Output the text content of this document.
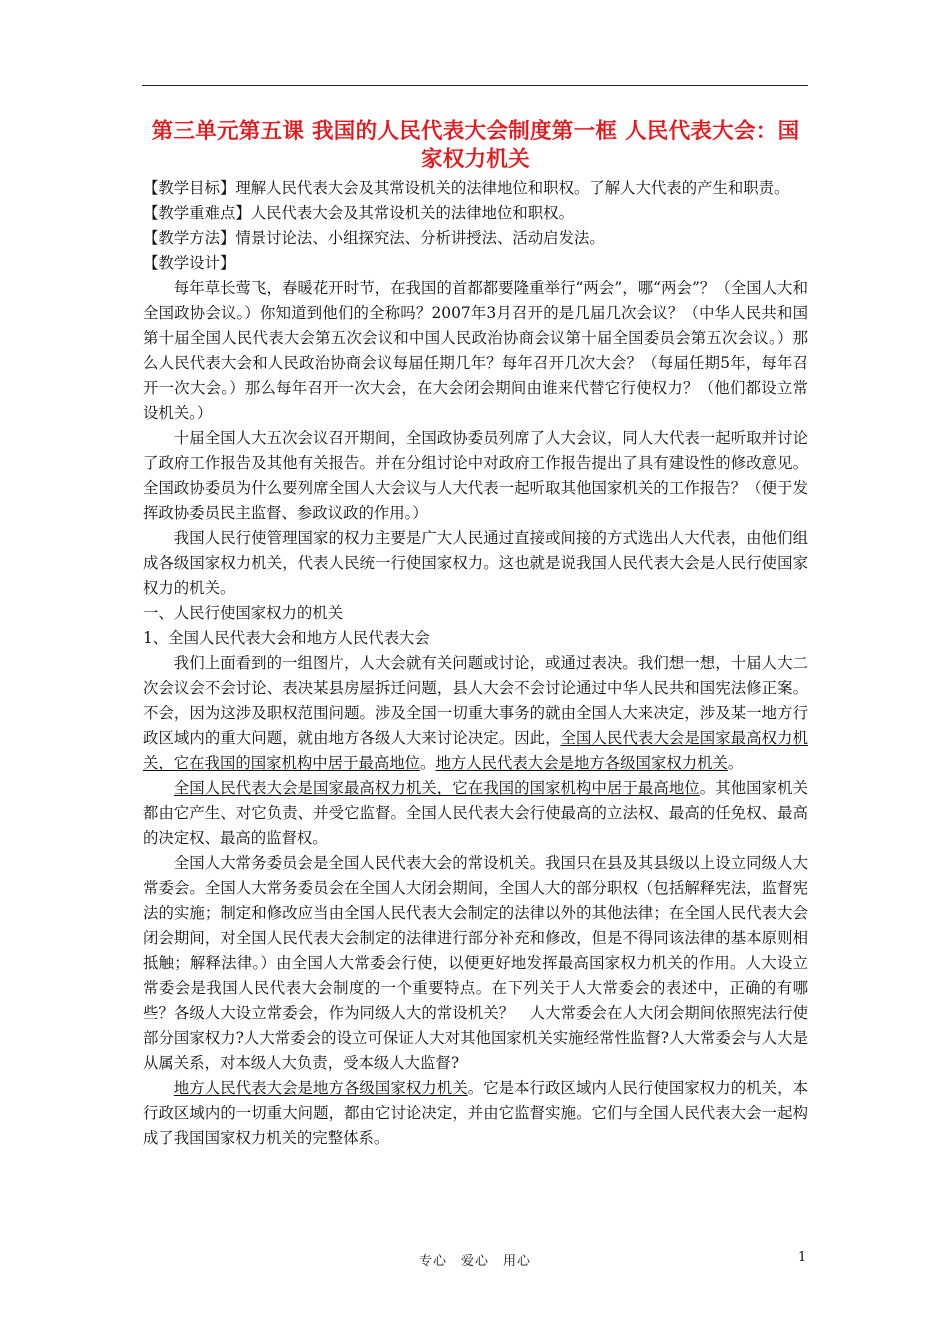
第三单元第五课 我国的人民代表大会制度第一框 人民代表大会：国家权力机关

【教学目标】理解人民代表大会及其常设机关的法律地位和职权。了解人大代表的产生和职责。

【教学重难点】人民代表大会及其常设机关的法律地位和职权。

【教学方法】情景讨论法、小组探究法、分析讲授法、活动启发法。

【教学设计】

每年草长莺飞，春暖花开时节，在我国的首都都要隆重举行“两会”，哪“两会”？（全国人大和全国政协会议。）你知道到他们的全称吗？2007年3月召开的是几届几次会议？（中华人民共和国第十届全国人民代表大会第五次会议和中国人民政治协商会议第十届全国委员会第五次会议。）那么人民代表大会和人民政治协商会议每届任期几年？每年召开几次大会？（每届任期5年，每年召开一次大会。）那么每年召开一次大会，在大会闭会期间由谁来代替它行使权力？（他们都设立常设机关。）

十届全国人大五次会议召开期间，全国政协委员列席了人大会议，同人大代表一起听取并讨论了政府工作报告及其他有关报告。并在分组讨论中对政府工作报告提出了具有建设性的修改意见。全国政协委员为什么要列席全国人大会议与人大代表一起听取其他国家机关的工作报告？（便于发挥政协委员民主监督、参政议政的作用。）

我国人民行使管理国家的权力主要是广大人民通过直接或间接的方式选出人大代表，由他们组成各级国家权力机关，代表人民统一行使国家权力。这也就是说我国人民代表大会是人民行使国家权力的机关。

一、人民行使国家权力的机关

1、全国人民代表大会和地方人民代表大会

我们上面看到的一组图片，人大会就有关问题或讨论，或通过表决。我们想一想，十届人大二次会议会不会讨论、表决某县房屋拆迁问题，县人大会不会讨论通过中华人民共和国宪法修正案。不会，因为这涉及职权范围问题。涉及全国一切重大事务的就由全国人大来决定，涉及某一地方行政区域内的重大问题，就由地方各级人大来讨论决定。因此，全国人民代表大会是国家最高权力机关，它在我国的国家机构中居于最高地位。地方人民代表大会是地方各级国家权力机关。

全国人民代表大会是国家最高权力机关，它在我国的国家机构中居于最高地位。其他国家机关都由它产生、对它负责、并受它监督。全国人民代表大会行使最高的立法权、最高的任免权、最高的决定权、最高的监督权。

全国人大常务委员会是全国人民代表大会的常设机关。我国只在县及其县级以上设立同级人大常委会。全国人大常务委员会在全国人大闭会期间，全国人大的部分职权（包括解释宪法，监督宪法的实施；制定和修改应当由全国人民代表大会制定的法律以外的其他法律；在全国人民代表大会闭会期间，对全国人民代表大会制定的法律进行部分补充和修改，但是不得同该法律的基本原则相抵触；解释法律。）由全国人大常委会行使，以便更好地发挥最高国家权力机关的作用。人大设立常委会是我国人民代表大会制度的一个重要特点。在下列关于人大常委会的表述中，正确的有哪些？各级人大设立常委会，作为同级人大的常设机关？　人大常委会在人大闭会期间依照宪法行使部分国家权力?人大常委会的设立可保证人大对其他国家机关实施经常性监督?人大常委会与人大是从属关系，对本级人大负责，受本级人大监督?

地方人民代表大会是地方各级国家权力机关。它是本行政区域内人民行使国家权力的机关，本行政区域内的一切重大问题，都由它讨论决定，并由它监督实施。它们与全国人民代表大会一起构成了我国国家权力机关的完整体系。

专心　爱心　用心	1
